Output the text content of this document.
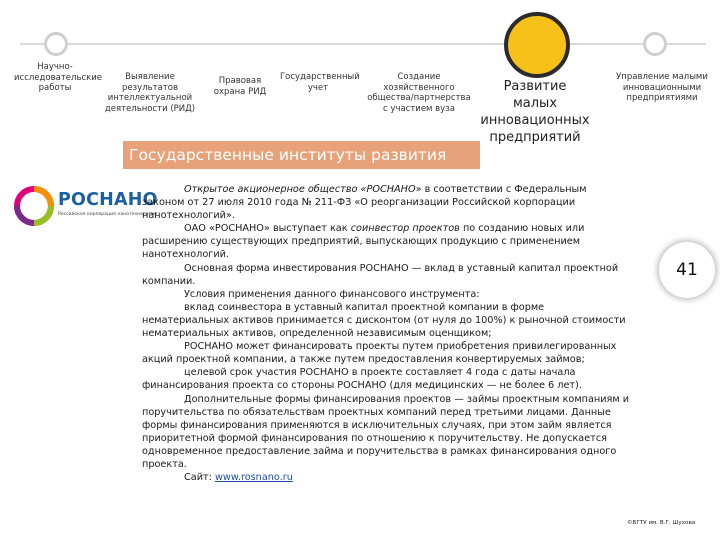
Научно-исследовательские работы
Выявление результатов интеллектуальной деятельности (РИД)
Правовая охрана РИД
Государственный учет
Создание хозяйственного общества/партнерства с участием вуза
Развитие малых инновационных предприятий
Управление малыми инновационными предприятиями
Государственные институты развития
РОСНАНО
Российская корпорация нанотехнологий

Открытое акционерное общество «РОСНАНО» в соответствии с Федеральным законом от 27 июля 2010 года № 211-ФЗ «О реорганизации Российской корпорации нанотехнологий».

ОАО «РОСНАНО» выступает как соинвестор проектов по созданию новых или расширению существующих предприятий, выпускающих продукцию с применением нанотехнологий.

Основная форма инвестирования РОСНАНО — вклад в уставный капитал проектной компании.

Условия применения данного финансового инструмента:

вклад соинвестора в уставный капитал проектной компании в форме нематериальных активов принимается с дисконтом (от нуля до 100%) к рыночной стоимости нематериальных активов, определенной независимым оценщиком;

РОСНАНО может финансировать проекты путем приобретения привилегированных акций проектной компании, а также путем предоставления конвертируемых займов;

целевой срок участия РОСНАНО в проекте составляет 4 года с даты начала финансирования проекта со стороны РОСНАНО (для медицинских — не более 6 лет).

Дополнительные формы финансирования проектов — займы проектным компаниям и поручительства по обязательствам проектных компаний перед третьими лицами. Данные формы финансирования применяются в исключительных случаях, при этом займ является приоритетной формой финансирования по отношению к поручительству. Не допускается одновременное предоставление займа и поручительства в рамках финансирования одного проекта.

Сайт: www.rosnano.ru

41
©БГТУ им. В.Г. Шухова
